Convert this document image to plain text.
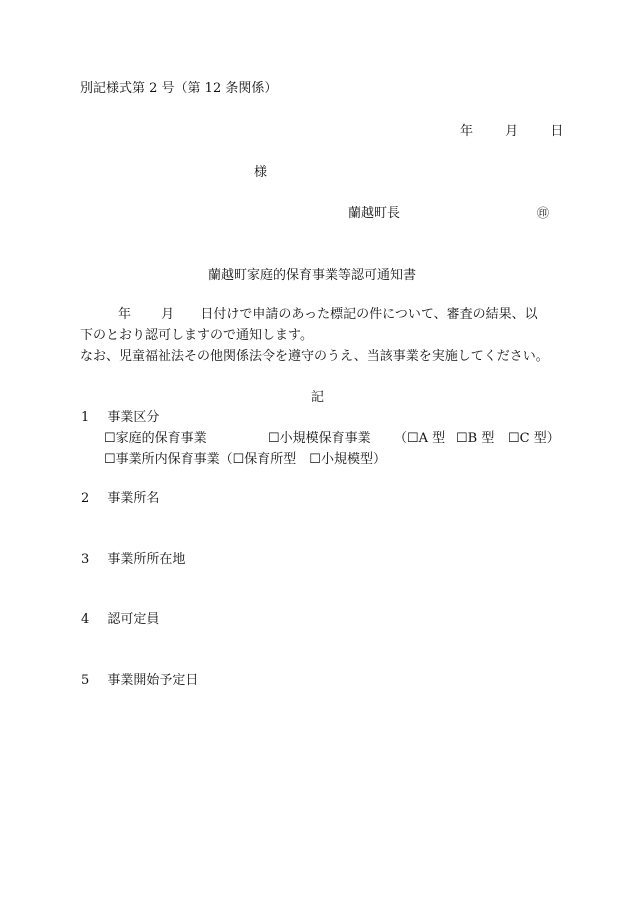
別記様式第 2 号（第 12 条関係）
年 月 日
様
蘭越町長	㊞
蘭越町家庭的保育事業等認可通知書
年 月 日付けで申請のあった標記の件について、審査の結果、以
下のとおり認可しますので通知します。
なお、児童福祉法その他関係法令を遵守のうえ、当該事業を実施してください。
記
1 事業区分
☐家庭的保育事業	☐小規模保育事業 （☐A 型 ☐B 型 ☐C 型）
☐事業所内保育事業（☐保育所型　☐小規模型）
2 事業所名
3 事業所所在地
4 認可定員
5 事業開始予定日
